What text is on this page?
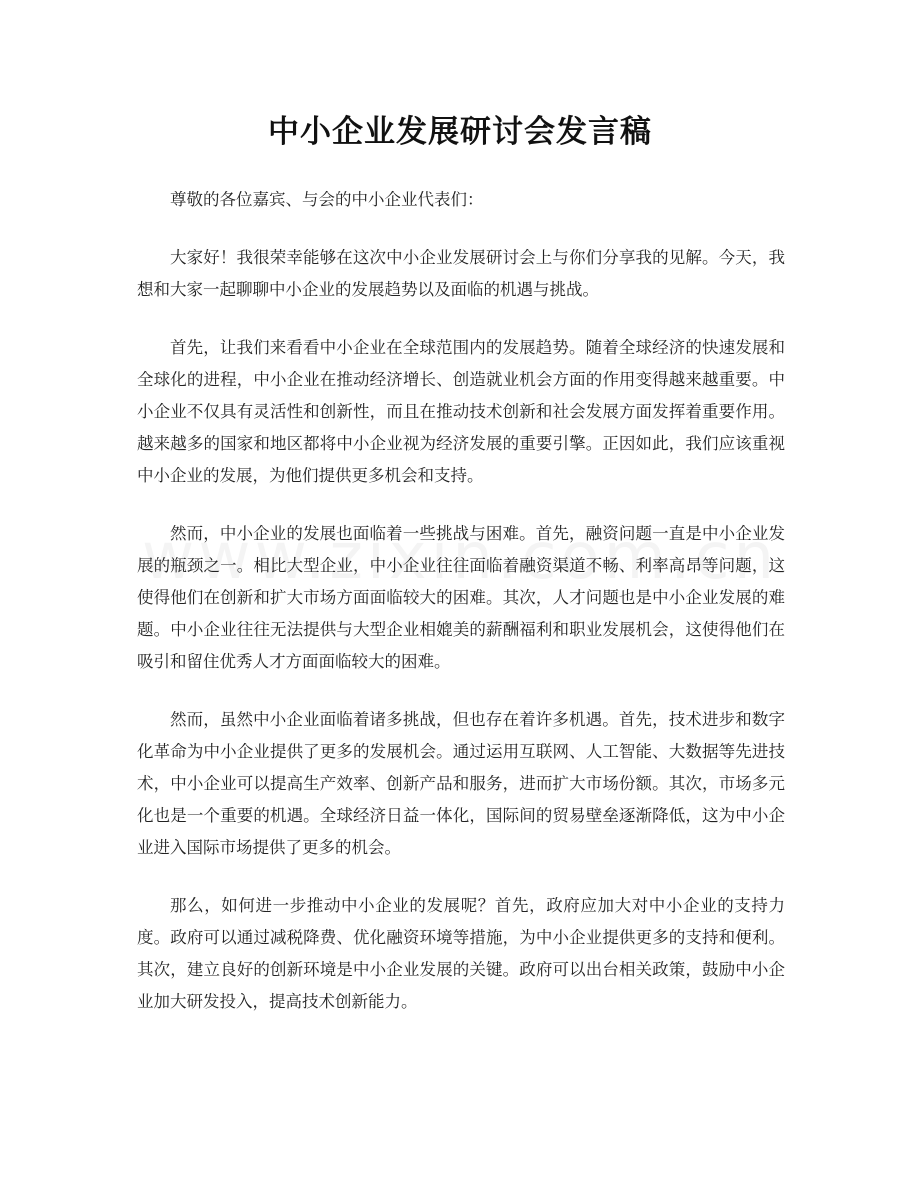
中小企业发展研讨会发言稿

尊敬的各位嘉宾、与会的中小企业代表们：

大家好！我很荣幸能够在这次中小企业发展研讨会上与你们分享我的见解。今天，我想和大家一起聊聊中小企业的发展趋势以及面临的机遇与挑战。

首先，让我们来看看中小企业在全球范围内的发展趋势。随着全球经济的快速发展和全球化的进程，中小企业在推动经济增长、创造就业机会方面的作用变得越来越重要。中小企业不仅具有灵活性和创新性，而且在推动技术创新和社会发展方面发挥着重要作用。越来越多的国家和地区都将中小企业视为经济发展的重要引擎。正因如此，我们应该重视中小企业的发展，为他们提供更多机会和支持。

然而，中小企业的发展也面临着一些挑战与困难。首先，融资问题一直是中小企业发展的瓶颈之一。相比大型企业，中小企业往往面临着融资渠道不畅、利率高昂等问题，这使得他们在创新和扩大市场方面面临较大的困难。其次，人才问题也是中小企业发展的难题。中小企业往往无法提供与大型企业相媲美的薪酬福利和职业发展机会，这使得他们在吸引和留住优秀人才方面面临较大的困难。

然而，虽然中小企业面临着诸多挑战，但也存在着许多机遇。首先，技术进步和数字化革命为中小企业提供了更多的发展机会。通过运用互联网、人工智能、大数据等先进技术，中小企业可以提高生产效率、创新产品和服务，进而扩大市场份额。其次，市场多元化也是一个重要的机遇。全球经济日益一体化，国际间的贸易壁垒逐渐降低，这为中小企业进入国际市场提供了更多的机会。

那么，如何进一步推动中小企业的发展呢？首先，政府应加大对中小企业的支持力度。政府可以通过减税降费、优化融资环境等措施，为中小企业提供更多的支持和便利。其次，建立良好的创新环境是中小企业发展的关键。政府可以出台相关政策，鼓励中小企业加大研发投入，提高技术创新能力。
